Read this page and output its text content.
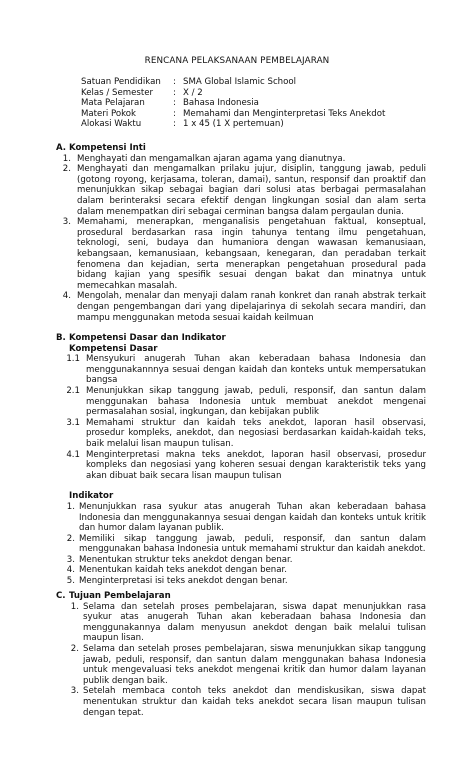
RENCANA PELAKSANAAN PEMBELAJARAN
Satuan Pendidikan	: SMA Global Islamic School
Kelas / Semester	: X / 2
Mata Pelajaran	: Bahasa Indonesia
Materi Pokok	: Memahami dan Menginterpretasi Teks Anekdot
Alokasi Waktu	: 1 x 45 (1 X pertemuan)
A. Kompetensi Inti
1. Menghayati dan mengamalkan ajaran agama yang dianutnya.
2. Menghayati dan mengamalkan prilaku jujur, disiplin, tanggung jawab, peduli (gotong royong, kerjasama, toleran, damai), santun, responsif dan proaktif dan menunjukkan sikap sebagai bagian dari solusi atas berbagai permasalahan dalam berinteraksi secara efektif dengan lingkungan sosial dan alam serta dalam menempatkan diri sebagai cerminan bangsa dalam pergaulan dunia.
3. Memahami, menerapkan, menganalisis pengetahuan faktual, konseptual, prosedural berdasarkan rasa ingin tahunya tentang ilmu pengetahuan, teknologi, seni, budaya dan humaniora dengan wawasan kemanusiaan, kebangsaan, kemanusiaan, kebangsaan, kenegaran, dan peradaban terkait fenomena dan kejadian, serta menerapkan pengetahuan prosedural pada bidang kajian yang spesifik sesuai dengan bakat dan minatnya untuk memecahkan masalah.
4. Mengolah, menalar dan menyaji dalam ranah konkret dan ranah abstrak terkait dengan pengembangan dari yang dipelajarinya di sekolah secara mandiri, dan mampu menggunakan metoda sesuai kaidah keilmuan
B. Kompetensi Dasar dan Indikator
Kompetensi Dasar
1.1 Mensyukuri anugerah Tuhan akan keberadaan bahasa Indonesia dan menggunakannnya sesuai dengan kaidah dan konteks untuk mempersatukan bangsa
2.1 Menunjukkan sikap tanggung jawab, peduli, responsif, dan santun dalam menggunakan bahasa Indonesia untuk membuat anekdot mengenai permasalahan sosial, ingkungan, dan kebijakan publik
3.1 Memahami struktur dan kaidah teks anekdot, laporan hasil observasi, prosedur kompleks, anekdot, dan negosiasi berdasarkan kaidah-kaidah teks, baik melalui lisan maupun tulisan.
4.1 Menginterpretasi makna teks anekdot, laporan hasil observasi, prosedur kompleks dan negosiasi yang koheren sesuai dengan karakteristik teks yang akan dibuat baik secara lisan maupun tulisan
Indikator
1. Menunjukkan rasa syukur atas anugerah Tuhan akan keberadaan bahasa Indonesia dan menggunakannya sesuai dengan kaidah dan konteks untuk kritik dan humor dalam layanan publik.
2. Memiliki sikap tanggung jawab, peduli, responsif, dan santun dalam menggunakan bahasa Indonesia untuk memahami struktur dan kaidah anekdot.
3. Menentukan struktur teks anekdot dengan benar.
4. Menentukan kaidah teks anekdot dengan benar.
5. Menginterpretasi isi teks anekdot dengan benar.
C. Tujuan Pembelajaran
1. Selama dan setelah proses pembelajaran, siswa dapat menunjukkan rasa syukur atas anugerah Tuhan akan keberadaan bahasa Indonesia dan menggunakannya dalam menyusun anekdot dengan baik melalui tulisan maupun lisan.
2. Selama dan setelah proses pembelajaran, siswa menunjukkan sikap tanggung jawab, peduli, responsif, dan santun dalam menggunakan bahasa Indonesia untuk mengevaluasi teks anekdot mengenai kritik dan humor dalam layanan publik dengan baik.
3. Setelah membaca contoh teks anekdot dan mendiskusikan, siswa dapat menentukan struktur dan kaidah teks anekdot secara lisan maupun tulisan dengan tepat.
